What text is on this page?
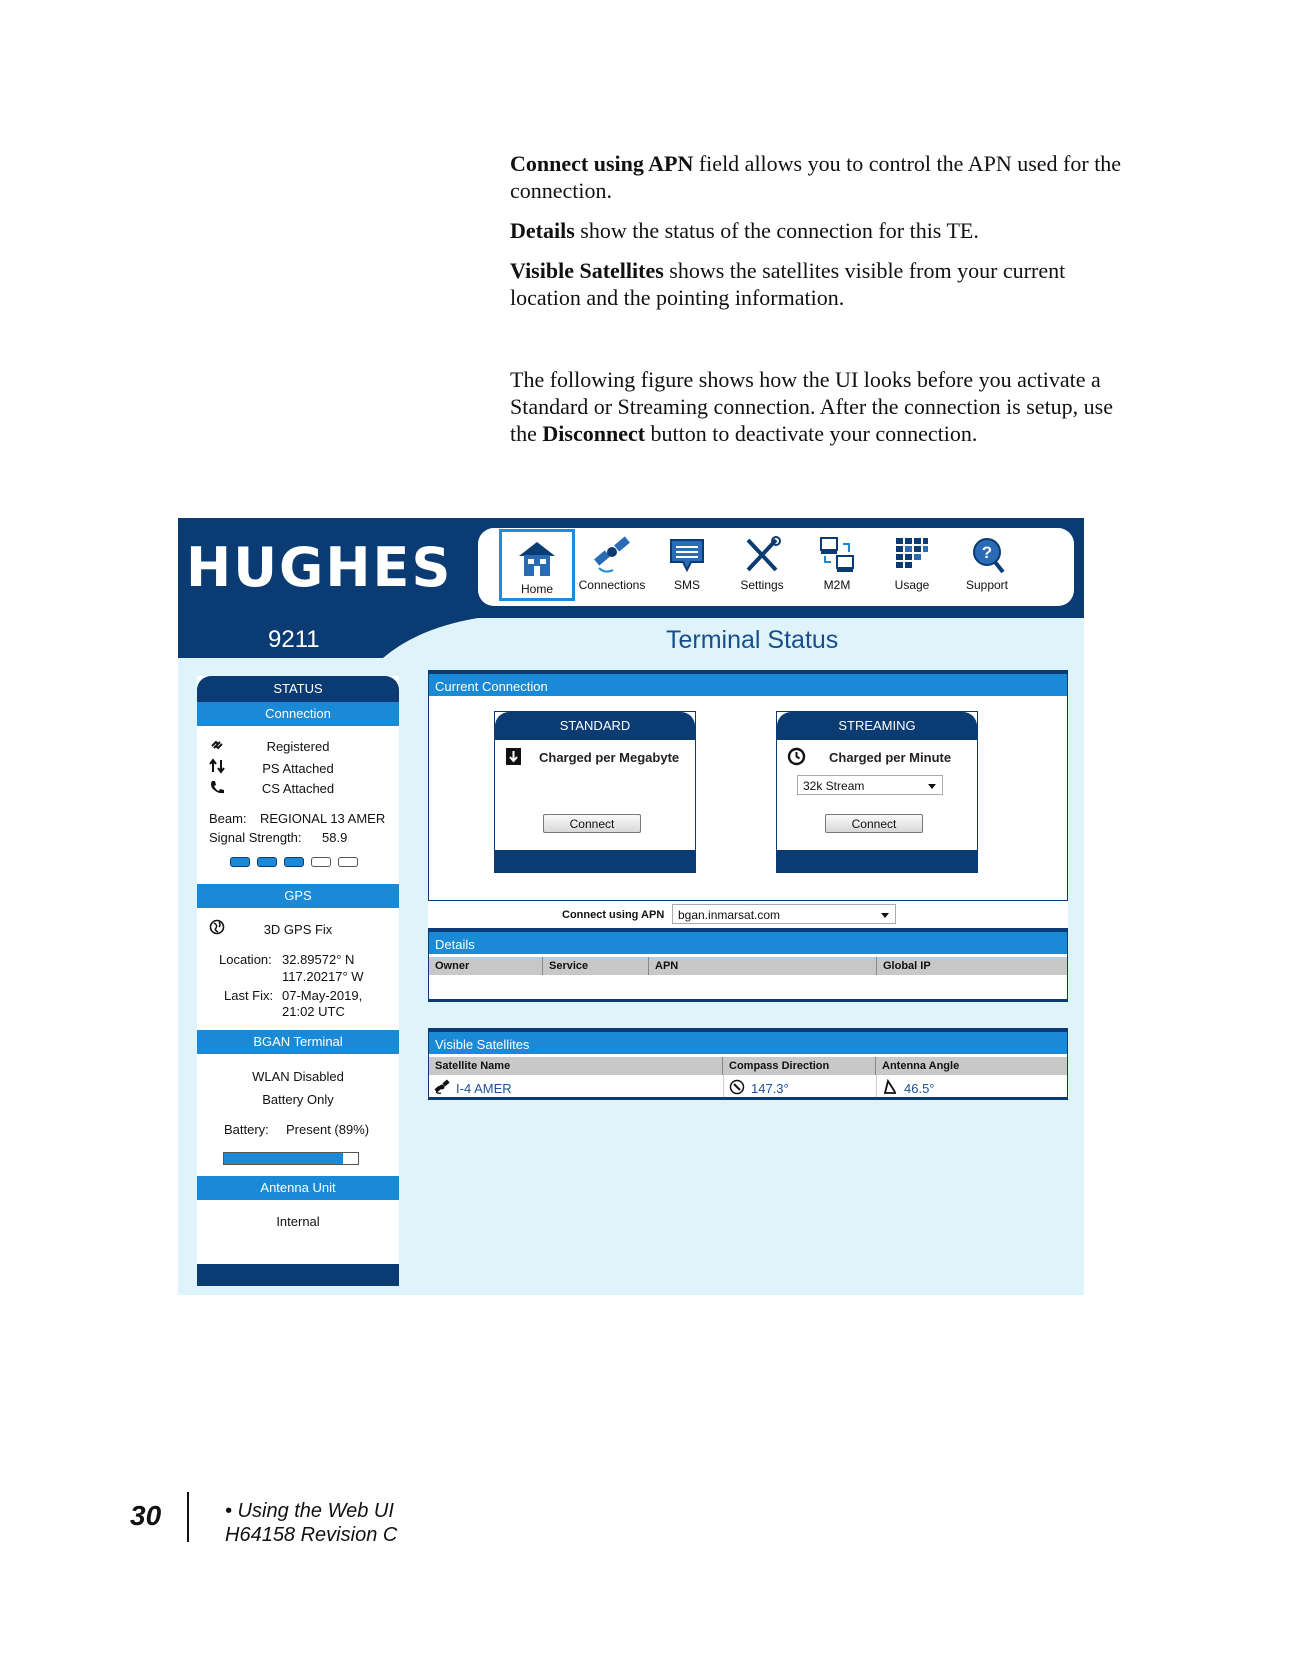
Connect using APN field allows you to control the APN used for the connection.

Details show the status of the connection for this TE.

Visible Satellites shows the satellites visible from your current location and the pointing information.

The following figure shows how the UI looks before you activate a Standard or Streaming connection. After the connection is setup, use the Disconnect button to deactivate your connection.

HUGHES	Home	Connections	SMS	Settings	M2M	Usage
?
Support
9211	Terminal Status
STATUS
Connection
Registered
PS Attached
CS Attached
Beam: REGIONAL 13 AMER
Signal Strength: 58.9
GPS
3D GPS Fix
Location: 32.89572° N
117.20217° W
Last Fix: 07-May-2019,
21:02 UTC
BGAN Terminal
WLAN Disabled
Battery Only
Battery: Present (89%)
Antenna Unit
Internal
Current Connection
STANDARD
Charged per Megabyte
Connect
STREAMING
Charged per Minute
32k Stream
Connect
Connect using APN	bgan.inmarsat.com
Details
Owner	Service	APN	Global IP
Visible Satellites
Satellite Name	Compass Direction	Antenna Angle
I-4 AMER	147.3°	46.5°
30	• Using the Web UI
H64158 Revision C
